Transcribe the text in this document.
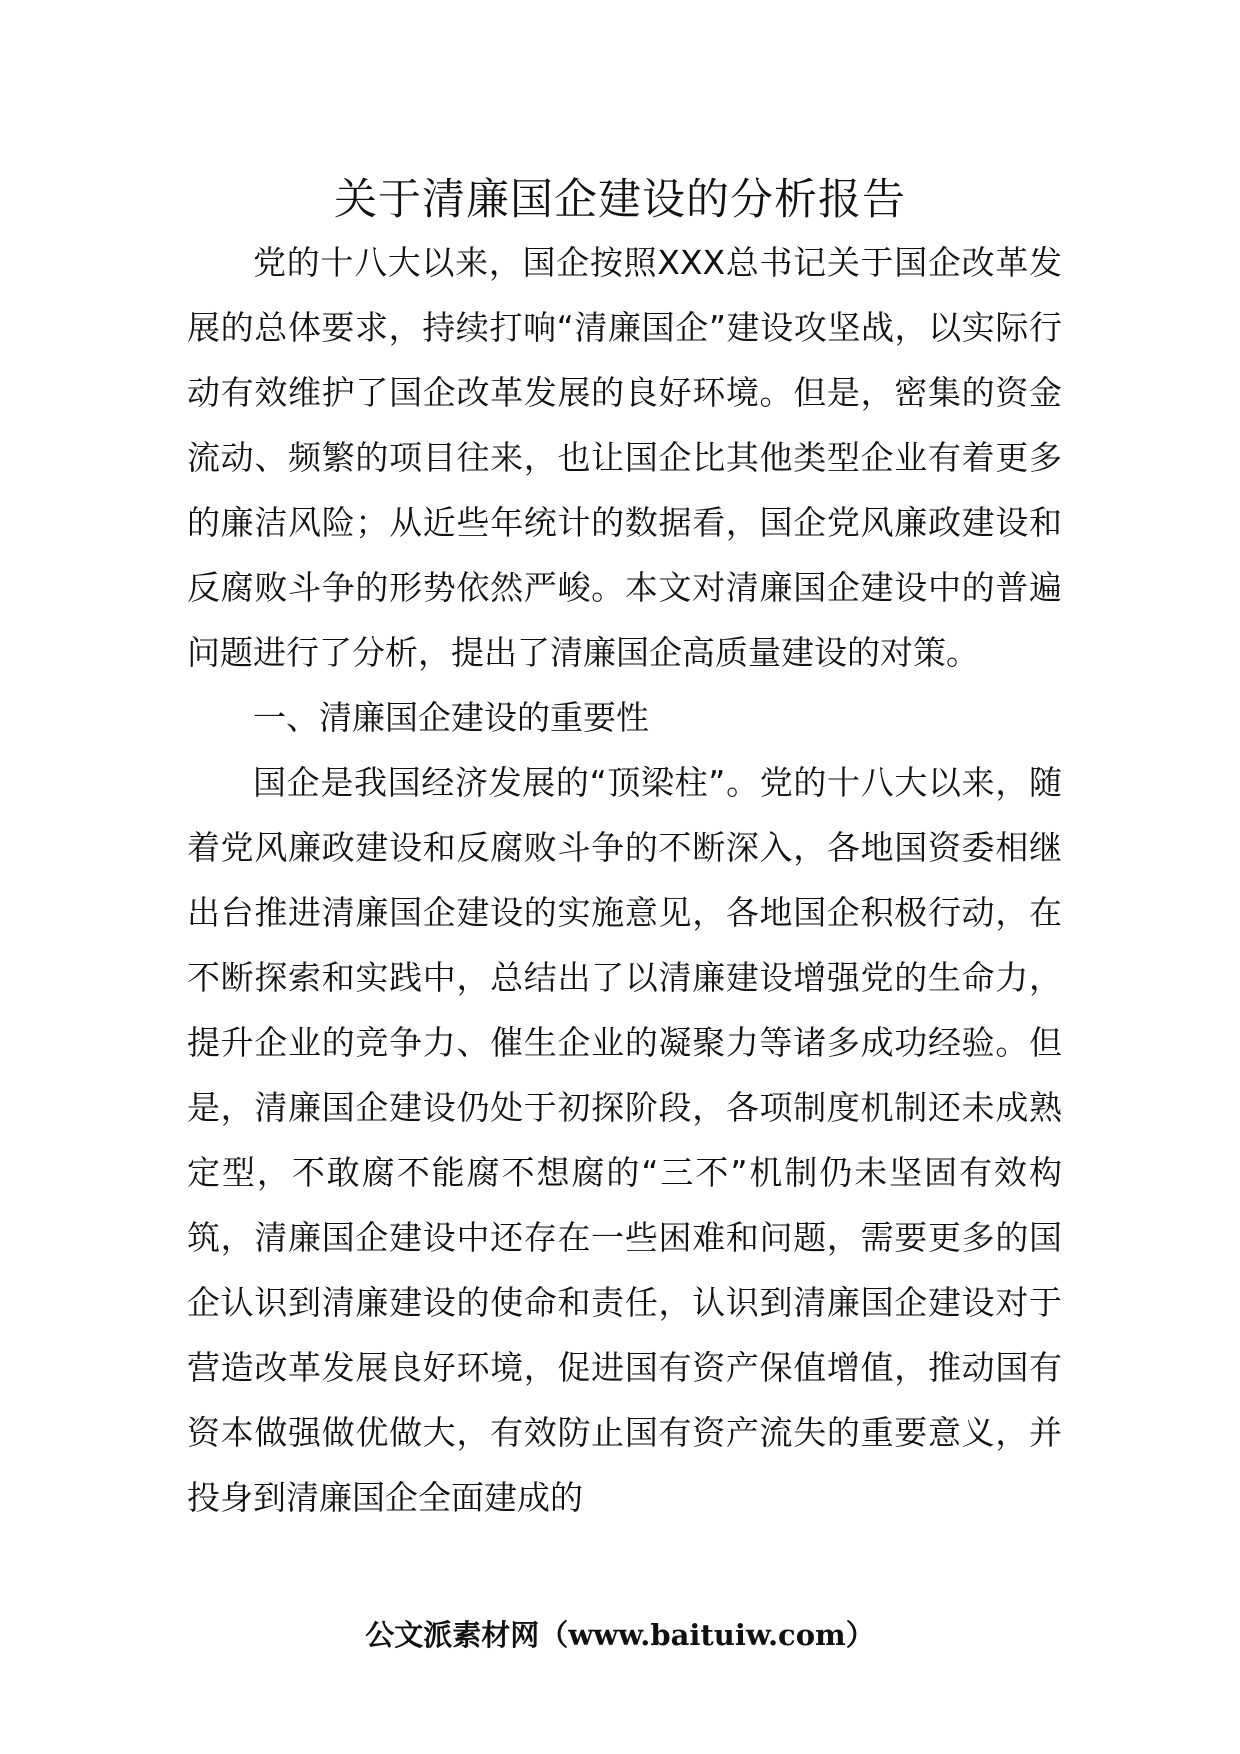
关于清廉国企建设的分析报告

党的十八大以来，国企按照XXX总书记关于国企改革发展的总体要求，持续打响“清廉国企”建设攻坚战，以实际行动有效维护了国企改革发展的良好环境。但是，密集的资金流动、频繁的项目往来，也让国企比其他类型企业有着更多的廉洁风险；从近些年统计的数据看，国企党风廉政建设和反腐败斗争的形势依然严峻。本文对清廉国企建设中的普遍问题进行了分析，提出了清廉国企高质量建设的对策。

一、清廉国企建设的重要性

国企是我国经济发展的“顶梁柱”。党的十八大以来，随着党风廉政建设和反腐败斗争的不断深入，各地国资委相继出台推进清廉国企建设的实施意见，各地国企积极行动，在不断探索和实践中，总结出了以清廉建设增强党的生命力，提升企业的竞争力、催生企业的凝聚力等诸多成功经验。但是，清廉国企建设仍处于初探阶段，各项制度机制还未成熟定型，不敢腐不能腐不想腐的“三不”机制仍未坚固有效构筑，清廉国企建设中还存在一些困难和问题，需要更多的国企认识到清廉建设的使命和责任，认识到清廉国企建设对于营造改革发展良好环境，促进国有资产保值增值，推动国有资本做强做优做大，有效防止国有资产流失的重要意义，并投身到清廉国企全面建成的

公文派素材网（www.baituiw.com）
